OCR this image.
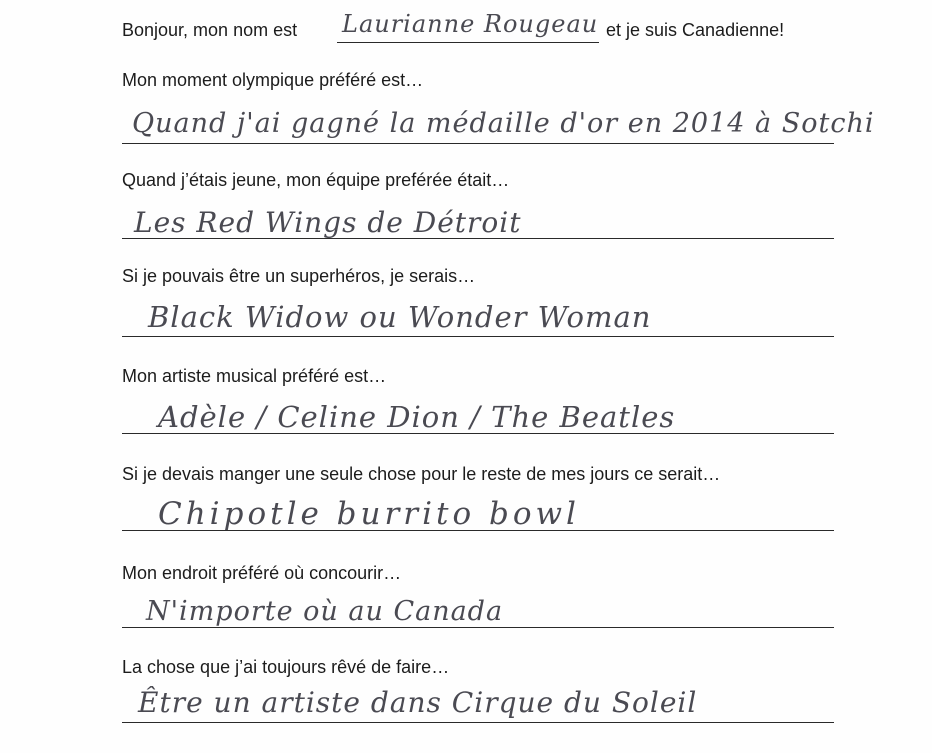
Bonjour, mon nom est Laurianne Rougeau et je suis Canadienne!
Mon moment olympique préféré est…
Quand j'ai gagné la médaille d'or en 2014 à Sotchi
Quand j’étais jeune, mon équipe preférée était…
Les Red Wings de Détroit
Si je pouvais être un superhéros, je serais…
Black Widow ou Wonder Woman
Mon artiste musical préféré est…
Adèle / Celine Dion / The Beatles
Si je devais manger une seule chose pour le reste de mes jours ce serait…
Chipotle burrito bowl
Mon endroit préféré où concourir…
N'importe où au Canada
La chose que j’ai toujours rêvé de faire…
Être un artiste dans Cirque du Soleil
